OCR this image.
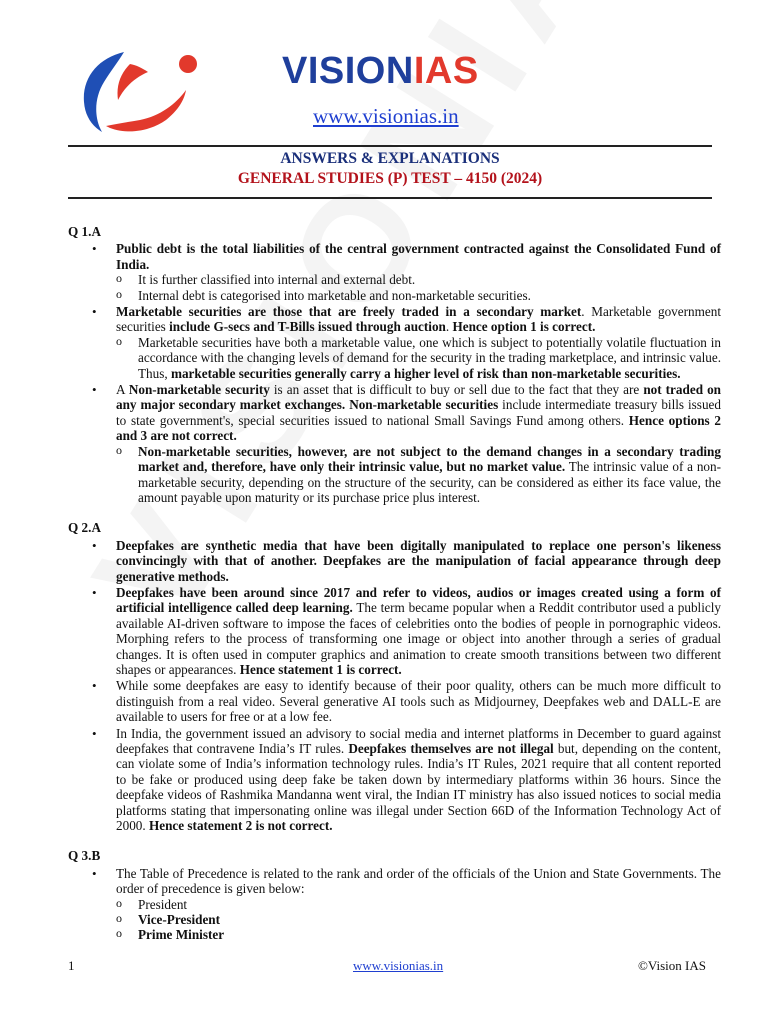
VISIONIAS
www.visionias.in
ANSWERS & EXPLANATIONS
GENERAL STUDIES (P) TEST – 4150 (2024)
Q 1.A
• Public debt is the total liabilities of the central government contracted against the Consolidated Fund of India.
o It is further classified into internal and external debt.
o Internal debt is categorised into marketable and non-marketable securities.
• Marketable securities are those that are freely traded in a secondary market. Marketable government securities include G-secs and T-Bills issued through auction. Hence option 1 is correct.
o Marketable securities have both a marketable value, one which is subject to potentially volatile fluctuation in accordance with the changing levels of demand for the security in the trading marketplace, and intrinsic value. Thus, marketable securities generally carry a higher level of risk than non-marketable securities.
• A Non-marketable security is an asset that is difficult to buy or sell due to the fact that they are not traded on any major secondary market exchanges. Non-marketable securities include intermediate treasury bills issued to state government's, special securities issued to national Small Savings Fund among others. Hence options 2 and 3 are not correct.
o Non-marketable securities, however, are not subject to the demand changes in a secondary trading market and, therefore, have only their intrinsic value, but no market value. The intrinsic value of a non-marketable security, depending on the structure of the security, can be considered as either its face value, the amount payable upon maturity or its purchase price plus interest.
Q 2.A
• Deepfakes are synthetic media that have been digitally manipulated to replace one person's likeness convincingly with that of another. Deepfakes are the manipulation of facial appearance through deep generative methods.
• Deepfakes have been around since 2017 and refer to videos, audios or images created using a form of artificial intelligence called deep learning. The term became popular when a Reddit contributor used a publicly available AI-driven software to impose the faces of celebrities onto the bodies of people in pornographic videos. Morphing refers to the process of transforming one image or object into another through a series of gradual changes. It is often used in computer graphics and animation to create smooth transitions between two different shapes or appearances. Hence statement 1 is correct.
• While some deepfakes are easy to identify because of their poor quality, others can be much more difficult to distinguish from a real video. Several generative AI tools such as Midjourney, Deepfakes web and DALL-E are available to users for free or at a low fee.
• In India, the government issued an advisory to social media and internet platforms in December to guard against deepfakes that contravene India’s IT rules. Deepfakes themselves are not illegal but, depending on the content, can violate some of India’s information technology rules. India’s IT Rules, 2021 require that all content reported to be fake or produced using deep fake be taken down by intermediary platforms within 36 hours. Since the deepfake videos of Rashmika Mandanna went viral, the Indian IT ministry has also issued notices to social media platforms stating that impersonating online was illegal under Section 66D of the Information Technology Act of 2000. Hence statement 2 is not correct.
Q 3.B
• The Table of Precedence is related to the rank and order of the officials of the Union and State Governments. The order of precedence is given below:
o President
o Vice-President
o Prime Minister
1	www.visionias.in	©Vision IAS
